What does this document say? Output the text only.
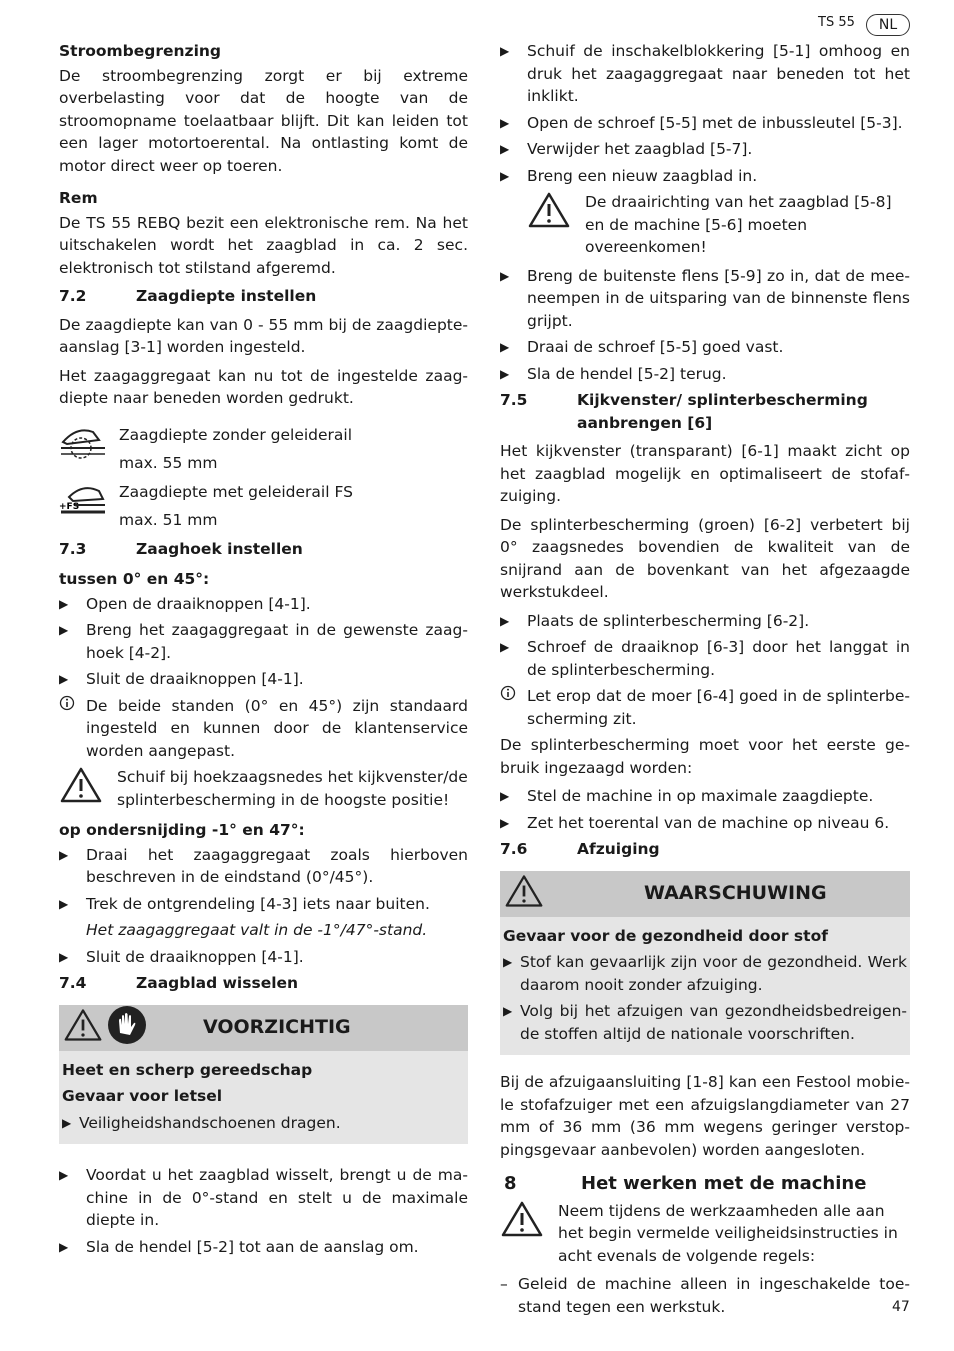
TS 55	NL
Stroombegrenzing

De stroombegrenzing zorgt er bij extreme overbelasting voor dat de hoogte van de stroomopname toelaatbaar blijft. Dit kan leiden tot een lager motortoerental. Na ontlasting komt de motor direct weer op toeren.

Rem

De TS 55 REBQ bezit een elektronische rem. Na het uitschakelen wordt het zaagblad in ca. 2 sec. elektronisch tot stilstand afgeremd.

7.2	Zaagdiepte instellen

De zaagdiepte kan van 0 - 55 mm bij de zaagdiepteaanslag [3-1] worden ingesteld.

Het zaagaggregaat kan nu tot de ingestelde zaagdiepte naar beneden worden gedrukt.

Zaagdiepte zonder geleiderail
max. 55 mm
+FS
Zaagdiepte met geleiderail FS
max. 51 mm
7.3	Zaaghoek instellen
tussen 0° en 45°:
▶	Open de draaiknoppen [4-1].
▶	Breng het zaagaggregaat in de gewenste zaaghoek [4-2].
▶	Sluit de draaiknoppen [4-1].
De beide standen (0° en 45°) zijn standaard ingesteld en kunnen door de klantenservice worden aangepast.
Schuif bij hoekzaagsnedes het kijkvenster/de splinterbescherming in de hoogste positie!
op ondersnijding -1° en 47°:
▶	Draai het zaagaggregaat zoals hierboven beschreven in de eindstand (0°/45°).
▶	Trek de ontgrendeling [4-3] iets naar buiten.
Het zaagaggregaat valt in de -1°/47°-stand.
▶	Sluit de draaiknoppen [4-1].
7.4	Zaagblad wisselen
VOORZICHTIG
Heet en scherp gereedschap
Gevaar voor letsel
▶ Veiligheidshandschoenen dragen.
▶	Voordat u het zaagblad wisselt, brengt u de machine in de 0°-stand en stelt u de maximale diepte in.
▶	Sla de hendel [5-2] tot aan de aanslag om.
▶	Schuif de inschakelblokkering [5-1] omhoog en druk het zaagaggregaat naar beneden tot het inklikt.
▶	Open de schroef [5-5] met de inbussleutel [5-3].
▶	Verwijder het zaagblad [5-7].
▶	Breng een nieuw zaagblad in.
De draairichting van het zaagblad [5-8] en de machine [5-6] moeten overeenkomen!
▶	Breng de buitenste flens [5-9] zo in, dat de meeneempen in de uitsparing van de binnenste flens grijpt.
▶	Draai de schroef [5-5] goed vast.
▶	Sla de hendel [5-2] terug.
7.5	Kijkvenster/ splinterbescherming aanbrengen [6]

Het kijkvenster (transparant) [6-1] maakt zicht op het zaagblad mogelijk en optimaliseert de stofafzuiging.

De splinterbescherming (groen) [6-2] verbetert bij 0° zaagsnedes bovendien de kwaliteit van de snijrand aan de bovenkant van het afgezaagde werkstukdeel.

▶	Plaats de splinterbescherming [6-2].
▶	Schroef de draaiknop [6-3] door het langgat in de splinterbescherming.
Let erop dat de moer [6-4] goed in de splinterbescherming zit.

De splinterbescherming moet voor het eerste gebruik ingezaagd worden:

▶	Stel de machine in op maximale zaagdiepte.
▶	Zet het toerental van de machine op niveau 6.
7.6	Afzuiging
WAARSCHUWING
Gevaar voor de gezondheid door stof
▶ Stof kan gevaarlijk zijn voor de gezondheid. Werk daarom nooit zonder afzuiging.
▶ Volg bij het afzuigen van gezondheidsbedreigende stoffen altijd de nationale voorschriften.

Bij de afzuigaansluiting [1-8] kan een Festool mobiele stofafzuiger met een afzuigslangdiameter van 27 mm of 36 mm (36 mm wegens geringer verstoppingsgevaar aanbevolen) worden aangesloten.

8	Het werken met de machine
Neem tijdens de werkzaamheden alle aan het begin vermelde veiligheidsinstructies in acht evenals de volgende regels:
– Geleid de machine alleen in ingeschakelde toestand tegen een werkstuk.	47
